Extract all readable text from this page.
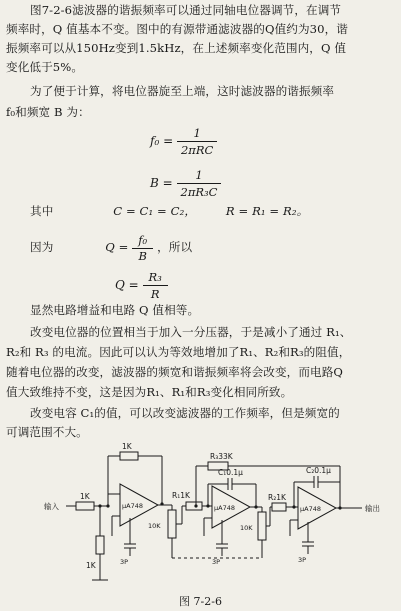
图7-2-6滤波器的谐振频率可以通过同轴电位器调节，在调节
频率时，Q 值基本不变。图中的有源带通滤波器的Q值约为30，谐
振频率可以从150Hz变到1.5kHz，在上述频率变化范围内，Q 值
变化低于5%。
为了便于计算，将电位器旋至上端，这时滤波器的谐振频率
f₀和频宽 B 为：
$f_0 = \frac{1}{\text{2πRC}}$
$B = \frac{1}{\text{2πR₃C}}$
其中	C = C₁ = C₂，	R = R₁ = R₂。
因为	$Q = \frac{\text{f₀}}{B}$ ，所以
$Q = \frac{\text{R₃}}{R}$
显然电路增益和电路 Q 值相等。
改变电位器的位置相当于加入一分压器，于是减小了通过 R₁、
R₂和 R₃ 的电流。因此可以认为等效地增加了R₁、R₂和R₃的阻值，
随着电位器的改变，滤波器的频宽和谐振频率将会改变，而电路Q
值大致维持不变，这是因为R₁、R₁和R₃变化相同所致。
改变电容 C₁的值，可以改变滤波器的工作频率，但是频宽的
可调范围不大。
输入	输出
1K
1K
1K
R₁1K	R₂1K
R₃33K
C₁0.1μ	C₂0.1μ
μA748	μA748	μA748
10K	10K
3P	3P	3P
图 7-2-6
